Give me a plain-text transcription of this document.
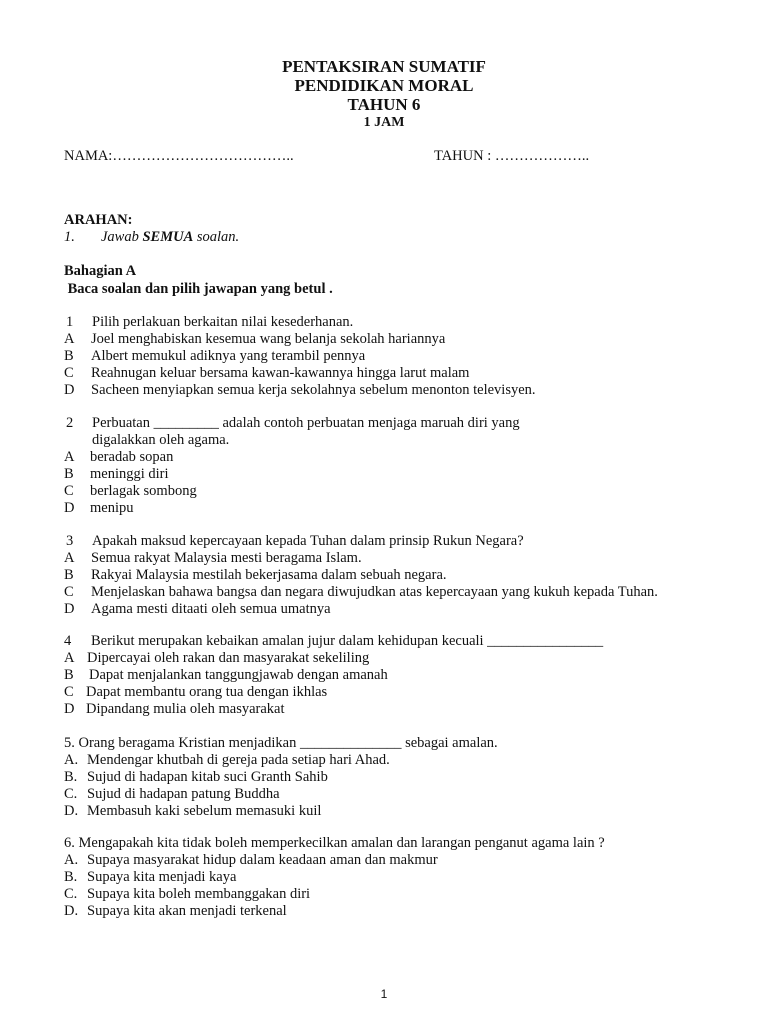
PENTAKSIRAN SUMATIF
PENDIDIKAN MORAL
TAHUN 6
1 JAM
NAMA:………………………………..	TAHUN : ………………..
ARAHAN:
1. Jawab SEMUA soalan.
Bahagian A
Baca soalan dan pilih jawapan yang betul .
1 Pilih perlakuan berkaitan nilai kesederhanan.
A Joel menghabiskan kesemua wang belanja sekolah hariannya
B Albert memukul adiknya yang terambil pennya
C Reahnugan keluar bersama kawan-kawannya hingga larut malam
D Sacheen menyiapkan semua kerja sekolahnya sebelum menonton televisyen.
2 Perbuatan _________ adalah contoh perbuatan menjaga maruah diri yang
digalakkan oleh agama.
A beradab sopan
B meninggi diri
C berlagak sombong
D menipu
3 Apakah maksud kepercayaan kepada Tuhan dalam prinsip Rukun Negara?
A Semua rakyat Malaysia mesti beragama Islam.
B Rakyai Malaysia mestilah bekerjasama dalam sebuah negara.
C Menjelaskan bahawa bangsa dan negara diwujudkan atas kepercayaan yang kukuh kepada Tuhan.
D Agama mesti ditaati oleh semua umatnya
4 Berikut merupakan kebaikan amalan jujur dalam kehidupan kecuali ________________
A Dipercayai oleh rakan dan masyarakat sekeliling
B Dapat menjalankan tanggungjawab dengan amanah
C Dapat membantu orang tua dengan ikhlas
D Dipandang mulia oleh masyarakat
5. Orang beragama Kristian menjadikan ______________ sebagai amalan.
A. Mendengar khutbah di gereja pada setiap hari Ahad.
B. Sujud di hadapan kitab suci Granth Sahib
C. Sujud di hadapan patung Buddha
D. Membasuh kaki sebelum memasuki kuil
6. Mengapakah kita tidak boleh memperkecilkan amalan dan larangan penganut agama lain ?
A. Supaya masyarakat hidup dalam keadaan aman dan makmur
B. Supaya kita menjadi kaya
C. Supaya kita boleh membanggakan diri
D. Supaya kita akan menjadi terkenal
1
